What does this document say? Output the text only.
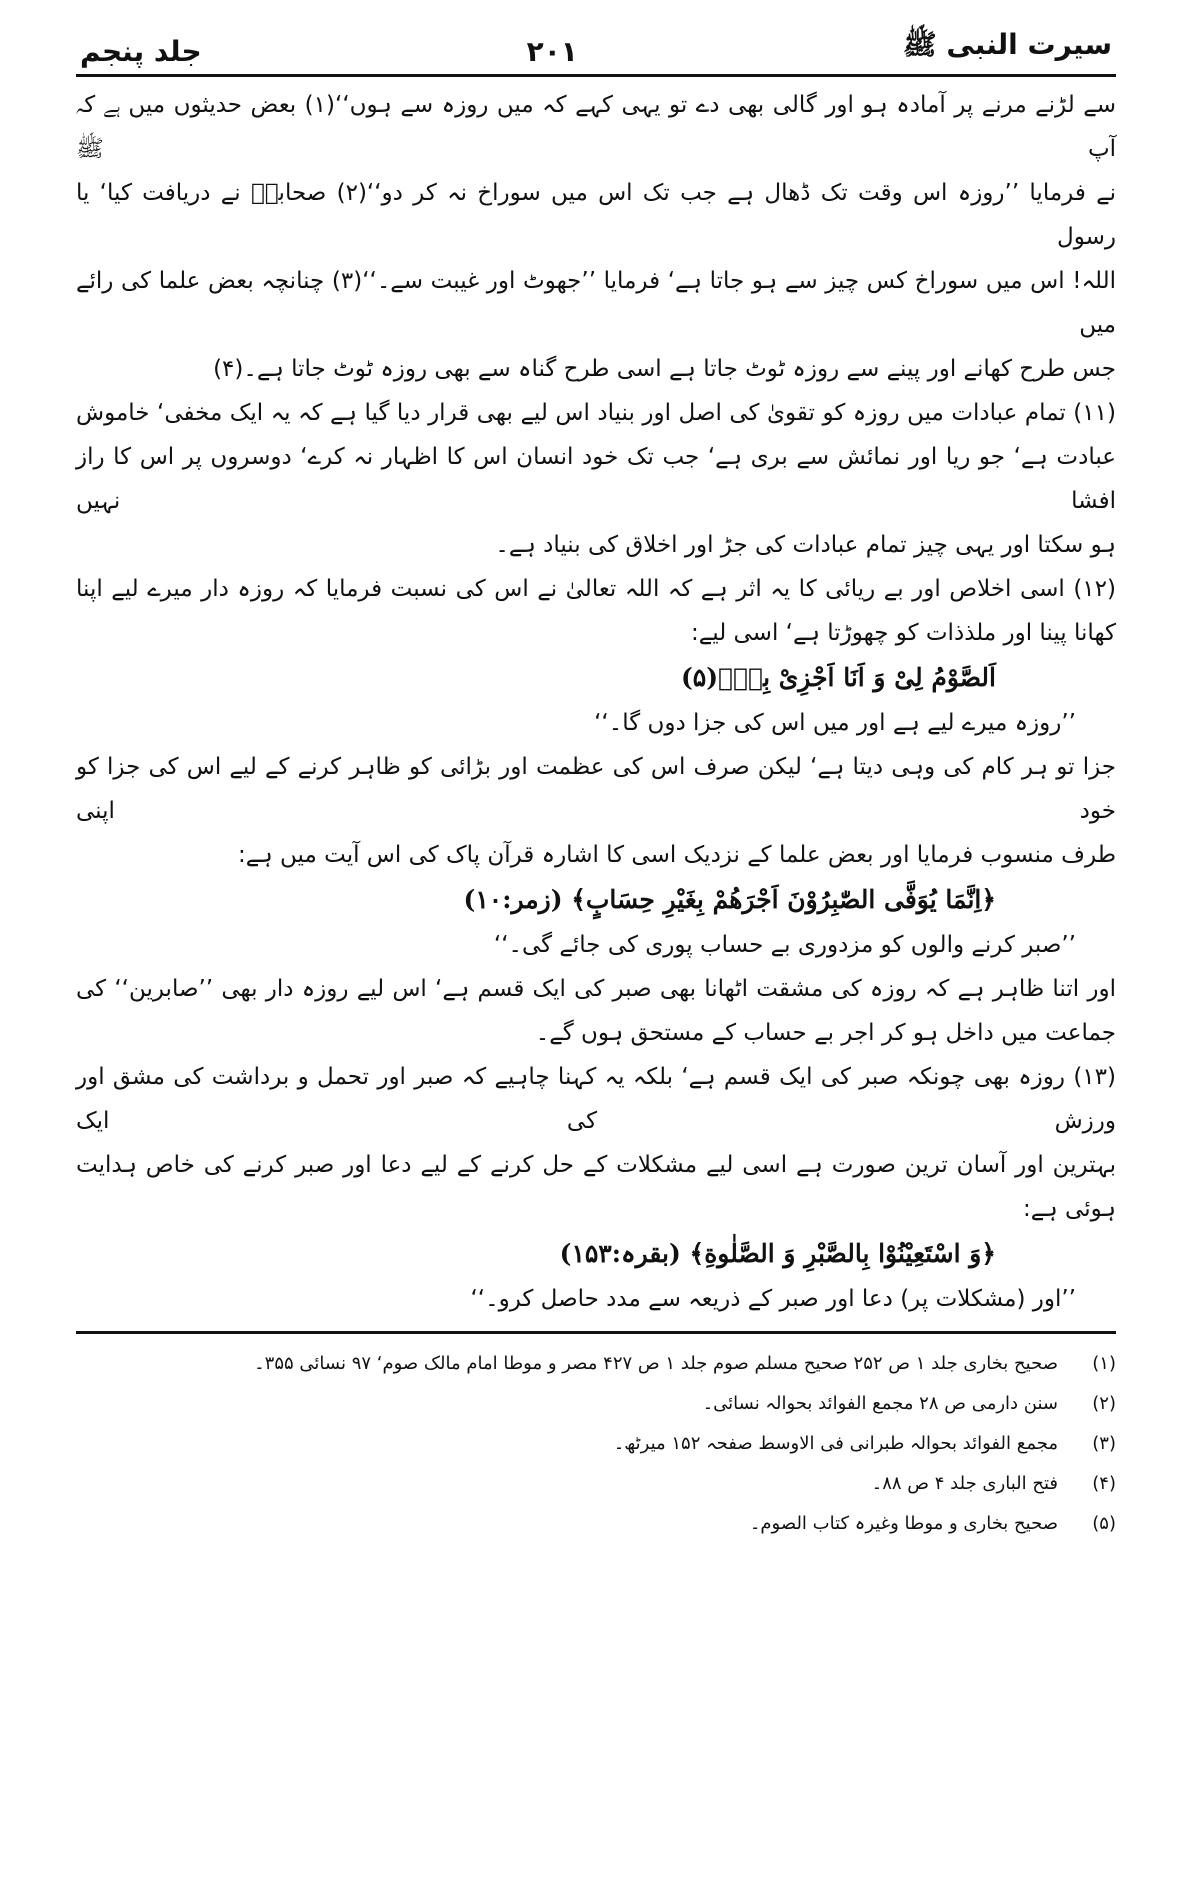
سیرت النبی ﷺ
۲۰۱
جلد پنجم
سے لڑنے مرنے پر آمادہ ہو اور گالی بھی دے تو یہی کہے کہ میں روزہ سے ہوں‘‘(۱) بعض حدیثوں میں ہے کہ آپ ﷺ
نے فرمایا ’’روزہ اس وقت تک ڈھال ہے جب تک اس میں سوراخ نہ کر دو‘‘(۲) صحابہؓ نے دریافت کیا‘ یا رسول
اللہ! اس میں سوراخ کس چیز سے ہو جاتا ہے‘ فرمایا ’’جھوٹ اور غیبت سے۔‘‘(۳) چنانچہ بعض علما کی رائے میں
جس طرح کھانے اور پینے سے روزہ ٹوٹ جاتا ہے اسی طرح گناہ سے بھی روزہ ٹوٹ جاتا ہے۔(۴)
(۱۱) تمام عبادات میں روزہ کو تقویٰ کی اصل اور بنیاد اس لیے بھی قرار دیا گیا ہے کہ یہ ایک مخفی‘ خاموش
عبادت ہے‘ جو ریا اور نمائش سے بری ہے‘ جب تک خود انسان اس کا اظہار نہ کرے‘ دوسروں پر اس کا راز افشا نہیں
ہو سکتا اور یہی چیز تمام عبادات کی جڑ اور اخلاق کی بنیاد ہے۔
(۱۲) اسی اخلاص اور بے ریائی کا یہ اثر ہے کہ اللہ تعالیٰ نے اس کی نسبت فرمایا کہ روزہ دار میرے لیے اپنا
کھانا پینا اور ملذذات کو چھوڑتا ہے‘ اسی لیے:
اَلصَّوْمُ لِیْ وَ اَنَا اَجْزِیْ بِهٖ۔(۵)
’’روزہ میرے لیے ہے اور میں اس کی جزا دوں گا۔‘‘
جزا تو ہر کام کی وہی دیتا ہے‘ لیکن صرف اس کی عظمت اور بڑائی کو ظاہر کرنے کے لیے اس کی جزا کو خود اپنی
طرف منسوب فرمایا اور بعض علما کے نزدیک اسی کا اشارہ قرآن پاک کی اس آیت میں ہے:
﴿اِنَّمَا یُوَفَّی الصّٰبِرُوْنَ اَجْرَهُمْ بِغَیْرِ حِسَابٍ﴾ (زمر:۱۰)
’’صبر کرنے والوں کو مزدوری بے حساب پوری کی جائے گی۔‘‘
اور اتنا ظاہر ہے کہ روزہ کی مشقت اٹھانا بھی صبر کی ایک قسم ہے‘ اس لیے روزہ دار بھی ’’صابرین‘‘ کی
جماعت میں داخل ہو کر اجر بے حساب کے مستحق ہوں گے۔
(۱۳) روزہ بھی چونکہ صبر کی ایک قسم ہے‘ بلکہ یہ کہنا چاہیے کہ صبر اور تحمل و برداشت کی مشق اور ورزش کی ایک
بہترین اور آسان ترین صورت ہے اسی لیے مشکلات کے حل کرنے کے لیے دعا اور صبر کرنے کی خاص ہدایت
ہوئی ہے:
﴿وَ اسْتَعِیْنُوْا بِالصَّبْرِ وَ الصَّلٰوةِ﴾ (بقرہ:۱۵۳)
’’اور (مشکلات پر) دعا اور صبر کے ذریعہ سے مدد حاصل کرو۔‘‘
(۱)
صحیح بخاری جلد ۱ ص ۲۵۲ صحیح مسلم صوم جلد ۱ ص ۴۲۷ مصر و موطا امام مالک صوم‘ ۹۷ نسائی ۳۵۵۔
(۲)
سنن دارمی ص ۲۸ مجمع الفوائد بحوالہ نسائی۔
(۳)
مجمع الفوائد بحوالہ طبرانی فی الاوسط صفحہ ۱۵۲ میرٹھ۔
(۴)
فتح الباری جلد ۴ ص ۸۸۔
(۵)
صحیح بخاری و موطا وغیرہ کتاب الصوم۔
